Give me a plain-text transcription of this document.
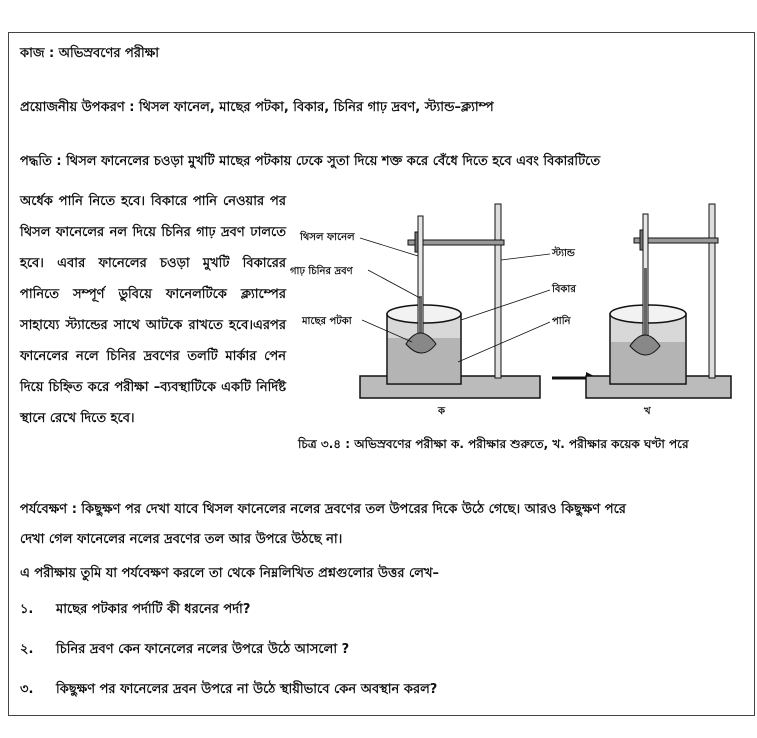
কাজ : অভিস্রবণের পরীক্ষা
প্রয়োজনীয় উপকরণ : থিসল ফানেল, মাছের পটকা, বিকার, চিনির গাঢ় দ্রবণ, স্ট্যান্ড–ক্ল্যাম্প
পদ্ধতি : থিসল ফানেলের চওড়া মুখটি মাছের পটকায় ঢেকে সুতা দিয়ে শক্ত করে বেঁধে দিতে হবে এবং বিকারটিতে
অর্ধেক পানি নিতে হবে। বিকারে পানি নেওয়ার পর থিসল ফানেলের নল দিয়ে চিনির গাঢ় দ্রবণ ঢালতে হবে। এবার ফানেলের চওড়া মুখটি বিকারের পানিতে সম্পূর্ণ ডুবিয়ে ফানেলটিকে ক্ল্যাম্পের সাহায্যে স্ট্যান্ডের সাথে আটকে রাখতে হবে।এরপর ফানেলের নলে চিনির দ্রবণের তলটি মার্কার পেন দিয়ে চিহ্নিত করে পরীক্ষা –ব্যবস্থাটিকে একটি নির্দিষ্ট স্থানে রেখে দিতে হবে।
থিসল ফানেল
গাঢ় চিনির দ্রবণ
মাছের পটকা
স্ট্যান্ড
বিকার
পানি
ক	খ
চিত্র ৩.৪ : অভিস্রবণের পরীক্ষা ক. পরীক্ষার শুরুতে, খ. পরীক্ষার কয়েক ঘণ্টা পরে
পর্যবেক্ষণ : কিছুক্ষণ পর দেখা যাবে থিসল ফানেলের নলের দ্রবণের তল উপরের দিকে উঠে গেছে। আরও কিছুক্ষণ পরে
দেখা গেল ফানেলের নলের দ্রবণের তল আর উপরে উঠছে না।
এ পরীক্ষায় তুমি যা পর্যবেক্ষণ করলে তা থেকে নিম্নলিখিত প্রশ্নগুলোর উত্তর লেখ–
১. মাছের পটকার পর্দাটি কী ধরনের পর্দা?
২. চিনির দ্রবণ কেন ফানেলের নলের উপরে উঠে আসলো ?
৩. কিছুক্ষণ পর ফানেলের দ্রবন উপরে না উঠে স্থায়ীভাবে কেন অবস্থান করল?
